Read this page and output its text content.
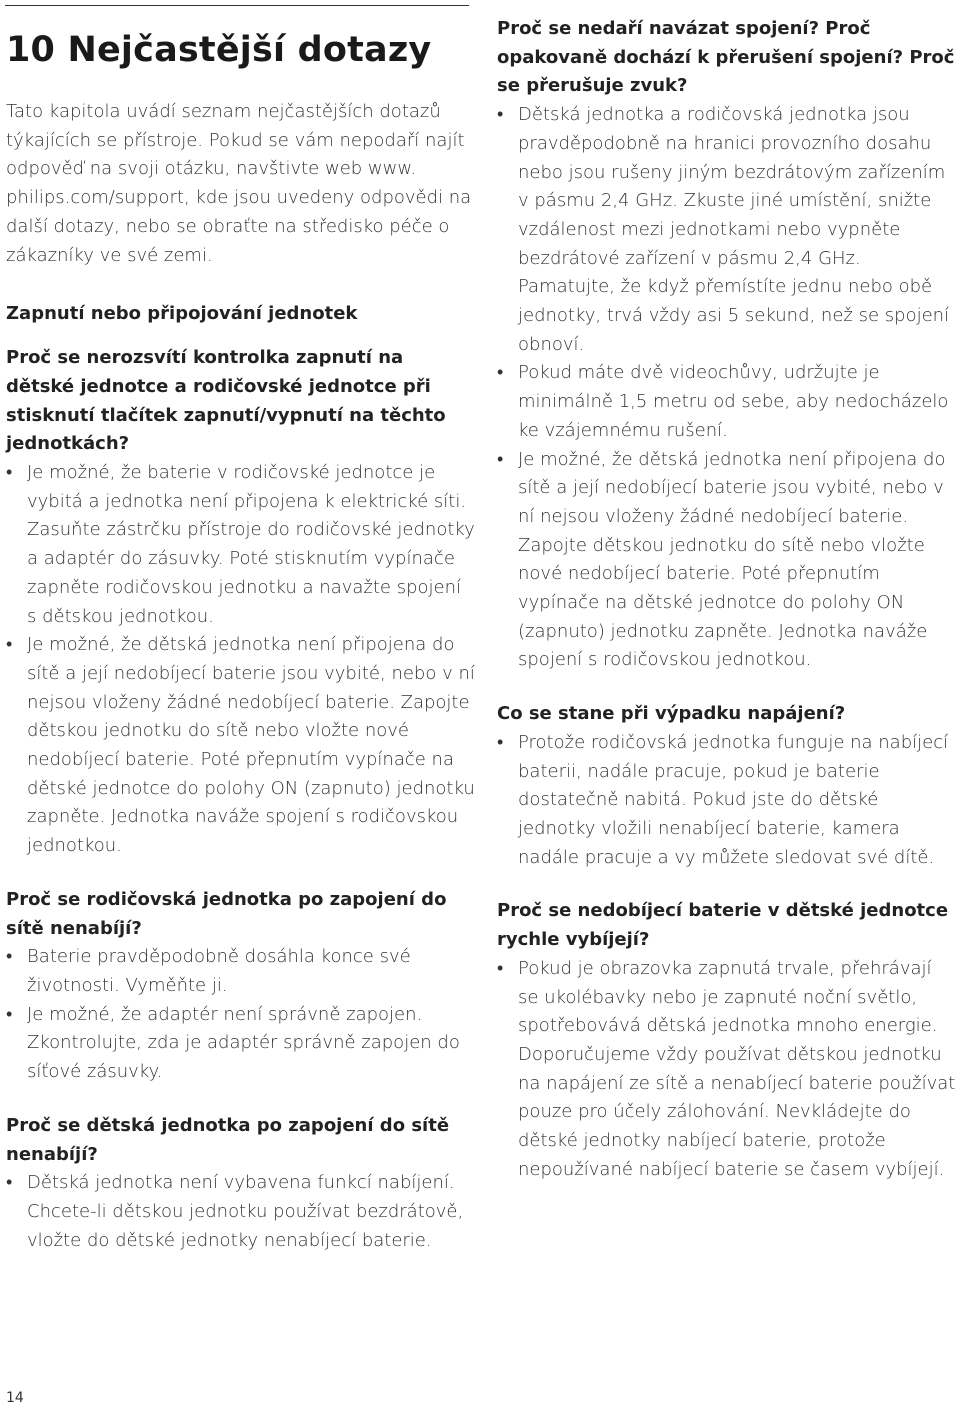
10 Nejčastější dotazy

Tato kapitola uvádí seznam nejčastějších dotazů týkajících se přístroje. Pokud se vám nepodaří najít odpověď na svoji otázku, navštivte web www. philips.com/support, kde jsou uvedeny odpovědi na další dotazy, nebo se obraťte na středisko péče o zákazníky ve své zemi.

Zapnutí nebo připojování jednotek

Proč se nerozsvítí kontrolka zapnutí na dětské jednotce a rodičovské jednotce při stisknutí tlačítek zapnutí/vypnutí na těchto jednotkách?

• Je možné, že baterie v rodičovské jednotce je vybitá a jednotka není připojena k elektrické síti. Zasuňte zástrčku přístroje do rodičovské jednotky a adaptér do zásuvky. Poté stisknutím vypínače zapněte rodičovskou jednotku a navažte spojení s dětskou jednotkou.
• Je možné, že dětská jednotka není připojena do sítě a její nedobíjecí baterie jsou vybité, nebo v ní nejsou vloženy žádné nedobíjecí baterie. Zapojte dětskou jednotku do sítě nebo vložte nové nedobíjecí baterie. Poté přepnutím vypínače na dětské jednotce do polohy ON (zapnuto) jednotku zapněte. Jednotka naváže spojení s rodičovskou jednotkou.

Proč se rodičovská jednotka po zapojení do sítě nenabíjí?

• Baterie pravděpodobně dosáhla konce své životnosti. Vyměňte ji.
• Je možné, že adaptér není správně zapojen. Zkontrolujte, zda je adaptér správně zapojen do síťové zásuvky.

Proč se dětská jednotka po zapojení do sítě nenabíjí?

• Dětská jednotka není vybavena funkcí nabíjení. Chcete-li dětskou jednotku používat bezdrátově, vložte do dětské jednotky nenabíjecí baterie.

Proč se nedaří navázat spojení? Proč opakovaně dochází k přerušení spojení? Proč se přerušuje zvuk?

• Dětská jednotka a rodičovská jednotka jsou pravděpodobně na hranici provozního dosahu nebo jsou rušeny jiným bezdrátovým zařízením v pásmu 2,4 GHz. Zkuste jiné umístění, snižte vzdálenost mezi jednotkami nebo vypněte bezdrátové zařízení v pásmu 2,4 GHz. Pamatujte, že když přemístíte jednu nebo obě jednotky, trvá vždy asi 5 sekund, než se spojení obnoví.
• Pokud máte dvě videochůvy, udržujte je minimálně 1,5 metru od sebe, aby nedocházelo ke vzájemnému rušení.
• Je možné, že dětská jednotka není připojena do sítě a její nedobíjecí baterie jsou vybité, nebo v ní nejsou vloženy žádné nedobíjecí baterie. Zapojte dětskou jednotku do sítě nebo vložte nové nedobíjecí baterie. Poté přepnutím vypínače na dětské jednotce do polohy ON (zapnuto) jednotku zapněte. Jednotka naváže spojení s rodičovskou jednotkou.

Co se stane při výpadku napájení?

• Protože rodičovská jednotka funguje na nabíjecí baterii, nadále pracuje, pokud je baterie dostatečně nabitá. Pokud jste do dětské jednotky vložili nenabíjecí baterie, kamera nadále pracuje a vy můžete sledovat své dítě.

Proč se nedobíjecí baterie v dětské jednotce rychle vybíjejí?

• Pokud je obrazovka zapnutá trvale, přehrávají se ukolébavky nebo je zapnuté noční světlo, spotřebovává dětská jednotka mnoho energie. Doporučujeme vždy používat dětskou jednotku na napájení ze sítě a nenabíjecí baterie používat pouze pro účely zálohování. Nevkládejte do dětské jednotky nabíjecí baterie, protože nepoužívané nabíjecí baterie se časem vybíjejí.
14
